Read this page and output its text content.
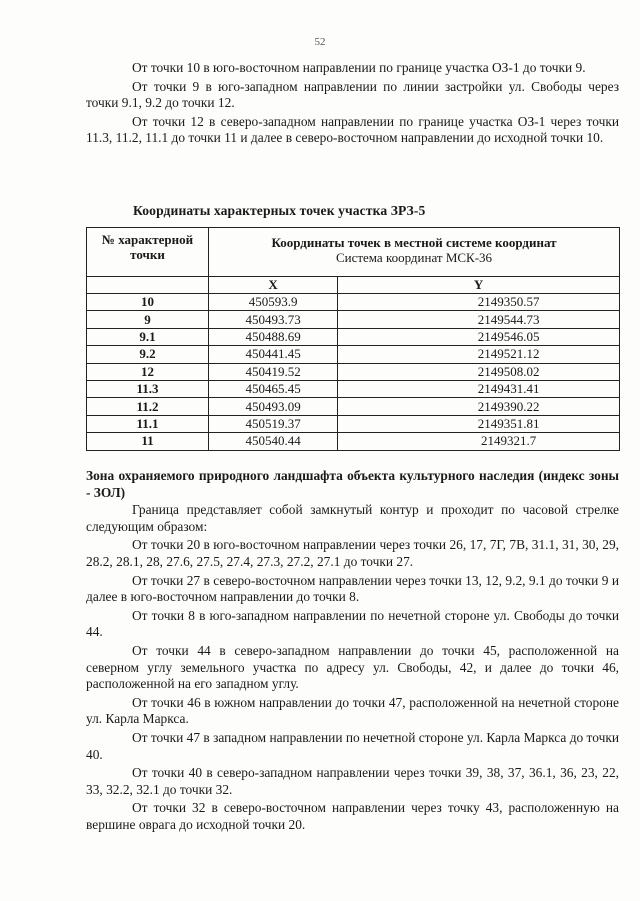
52

От точки 10 в юго-восточном направлении по границе участка ОЗ-1 до точки 9.

От точки 9 в юго-западном направлении по линии застройки ул. Свободы через точки 9.1, 9.2 до точки 12.

От точки 12 в северо-западном направлении по границе участка ОЗ-1 через точки 11.3, 11.2, 11.1 до точки 11 и далее в северо-восточном направлении до исходной точки 10.

Координаты характерных точек участка ЗРЗ-5
№ характерной точки	Координаты точек в местной системе координат
Система координат МСК-36	

	X	Y
10	450593.9	2149350.57
9	450493.73	2149544.73
9.1	450488.69	2149546.05
9.2	450441.45	2149521.12
12	450419.52	2149508.02
11.3	450465.45	2149431.41
11.2	450493.09	2149390.22
11.1	450519.37	2149351.81
11	450540.44	2149321.7
Зона охраняемого природного ландшафта объекта культурного наследия (индекс зоны - ЗОЛ)

Граница представляет собой замкнутый контур и проходит по часовой стрелке следующим образом:

От точки 20 в юго-восточном направлении через точки 26, 17, 7Г, 7В, 31.1, 31, 30, 29, 28.2, 28.1, 28, 27.6, 27.5, 27.4, 27.3, 27.2, 27.1 до точки 27.

От точки 27 в северо-восточном направлении через точки 13, 12, 9.2, 9.1 до точки 9 и далее в юго-восточном направлении до точки 8.

От точки 8 в юго-западном направлении по нечетной стороне ул. Свободы до точки 44.

От точки 44 в северо-западном направлении до точки 45, расположенной на северном углу земельного участка по адресу ул. Свободы, 42, и далее до точки 46, расположенной на его западном углу.

От точки 46 в южном направлении до точки 47, расположенной на нечетной стороне ул. Карла Маркса.

От точки 47 в западном направлении по нечетной стороне ул. Карла Маркса до точки 40.

От точки 40 в северо-западном направлении через точки 39, 38, 37, 36.1, 36, 23, 22, 33, 32.2, 32.1 до точки 32.

От точки 32 в северо-восточном направлении через точку 43, расположенную на вершине оврага до исходной точки 20.
